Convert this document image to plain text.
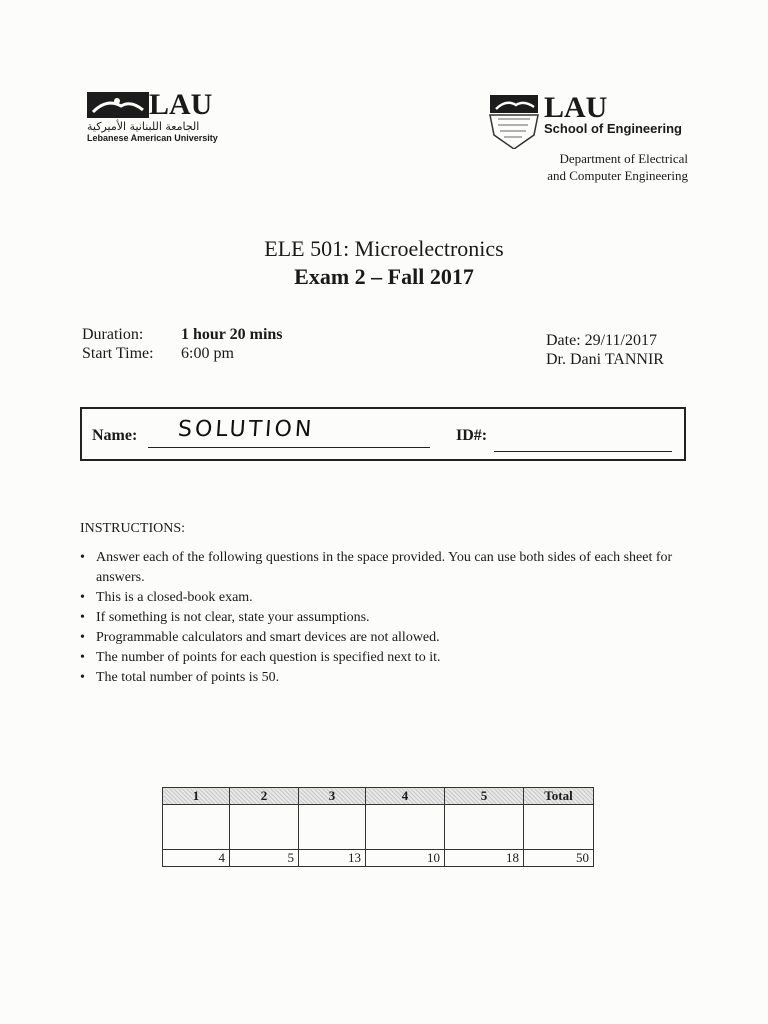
LAU
الجامعة اللبنانية الأميركية
Lebanese American University
LAU
School of Engineering
Department of Electrical
and Computer Engineering
ELE 501: Microelectronics
Exam 2 – Fall 2017
Duration: 1 hour 20 mins
Start Time: 6:00 pm
Date: 29/11/2017
Dr. Dani TANNIR
Name: SOLUTION	ID#:
INSTRUCTIONS:
• Answer each of the following questions in the space provided. You can use both sides of each sheet for answers.
• This is a closed-book exam.
• If something is not clear, state your assumptions.
• Programmable calculators and smart devices are not allowed.
• The number of points for each question is specified next to it.
• The total number of points is 50.
1	2	3	4	5	Total

4	5	13	10	18	50
